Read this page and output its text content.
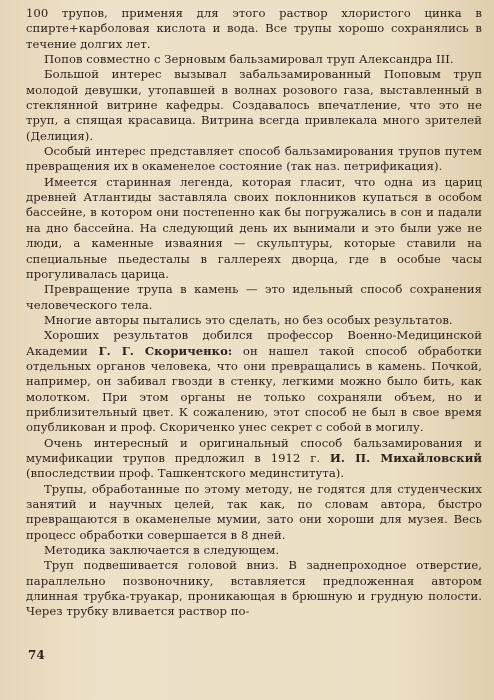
100 трупов, применяя для этого раствор хлористого цинка в спирте+карболовая кислота и вода. Все трупы хорошо сохранялись в течение долгих лет.

Попов совместно с Зерновым бальзамировал труп Александра III.

Большой интерес вызывал забальзамированный Поповым труп молодой девушки, утопавшей в волнах розового газа, выставленный в стеклянной витрине кафедры. Создавалось впечатление, что это не труп, а спящая красавица. Витрина всегда привлекала много зрителей (Делиция).

Особый интерес представляет способ бальзамирования трупов путем превращения их в окаменелое состояние (так наз. петрификация).

Имеется старинная легенда, которая гласит, что одна из цариц древней Атлантиды заставляла своих поклонников купаться в особом бассейне, в котором они постепенно как бы погружались в сон и падали на дно бассейна. На следующий день их вынимали и это были уже не люди, а каменные изваяния — скульптуры, которые ставили на специальные пьедесталы в галлереях дворца, где в особые часы прогуливалась царица.

Превращение трупа в камень — это идельный способ сохранения человеческого тела.

Многие авторы пытались это сделать, но без особых результатов.

Хороших результатов добился профессор Военно-Медицинской Академии Г. Г. Скориченко: он нашел такой способ обработки отдельных органов человека, что они превращались в камень. Почкой, например, он забивал гвозди в стенку, легкими можно было бить, как молотком. При этом органы не только сохраняли объем, но и приблизительный цвет. К сожалению, этот способ не был в свое время опубликован и проф. Скориченко унес секрет с собой в могилу.

Очень интересный и оригинальный способ бальзамирования и мумификации трупов предложил в 1912 г. И. П. Михайловский (впоследствии проф. Ташкентского мединститута).

Трупы, обработанные по этому методу, не годятся для студенческих занятий и научных целей, так как, по словам автора, быстро превращаются в окаменелые мумии, зато они хороши для музея. Весь процесс обработки совершается в 8 дней.

Методика заключается в следующем.

Труп подвешивается головой вниз. В заднепроходное отверстие, параллельно позвоночнику, вставляется предложенная автором длинная трубка-труакар, проникающая в брюшную и грудную полости. Через трубку вливается раствор по-

74
